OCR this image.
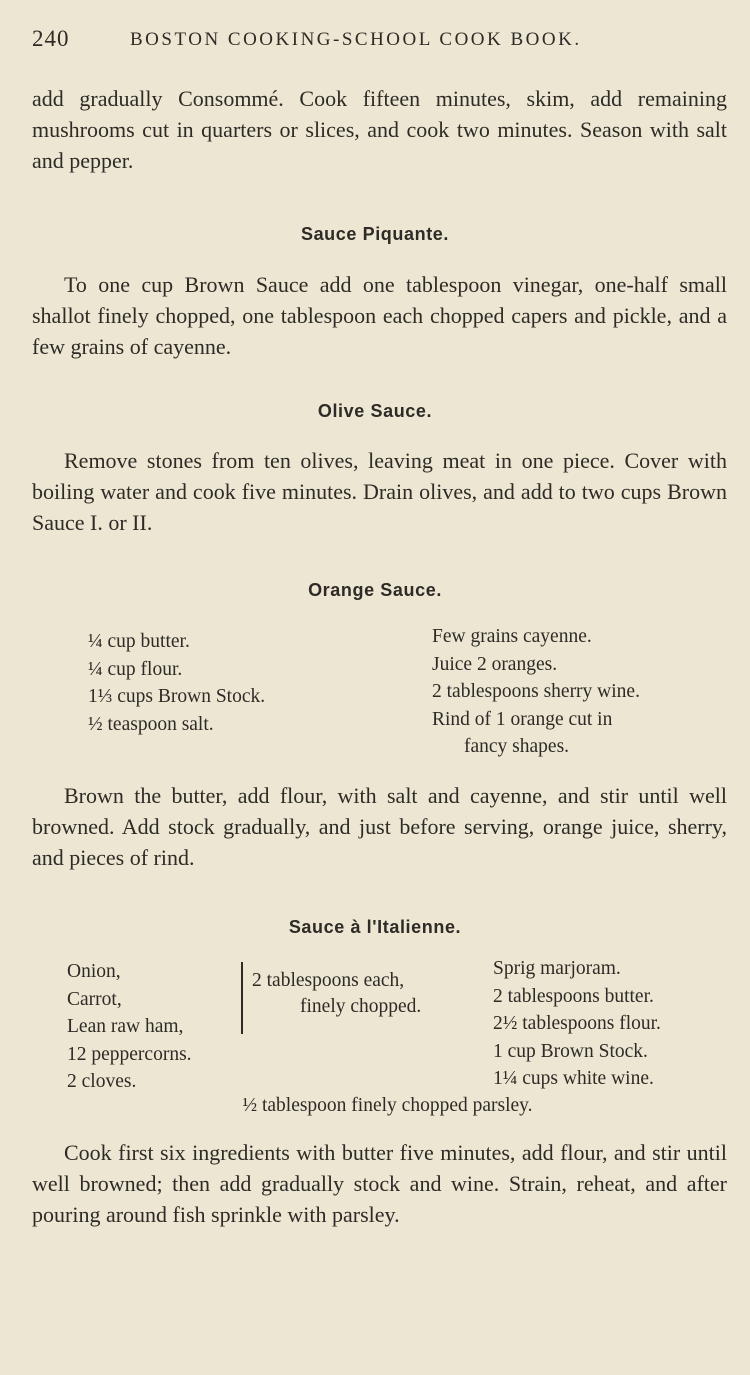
240	BOSTON COOKING-SCHOOL COOK BOOK.

add gradually Consommé. Cook fifteen minutes, skim, add remaining mushrooms cut in quarters or slices, and cook two minutes. Season with salt and pepper.

Sauce Piquante.

To one cup Brown Sauce add one tablespoon vinegar, one-half small shallot finely chopped, one tablespoon each chopped capers and pickle, and a few grains of cayenne.

Olive Sauce.

Remove stones from ten olives, leaving meat in one piece. Cover with boiling water and cook five minutes. Drain olives, and add to two cups Brown Sauce I. or II.

Orange Sauce.
¼ cup butter.
¼ cup flour.
1⅓ cups Brown Stock.
½ teaspoon salt.
Few grains cayenne.
Juice 2 oranges.
2 tablespoons sherry wine.
Rind of 1 orange cut in
fancy shapes.

Brown the butter, add flour, with salt and cayenne, and stir until well browned. Add stock gradually, and just before serving, orange juice, sherry, and pieces of rind.

Sauce à l'Italienne.
Onion,
Carrot,
Lean raw ham,
12 peppercorns.
2 cloves.
2 tablespoons each,
finely chopped.
Sprig marjoram.
2 tablespoons butter.
2½ tablespoons flour.
1 cup Brown Stock.
1¼ cups white wine.

½ tablespoon finely chopped parsley.

Cook first six ingredients with butter five minutes, add flour, and stir until well browned; then add gradually stock and wine. Strain, reheat, and after pouring around fish sprinkle with parsley.
